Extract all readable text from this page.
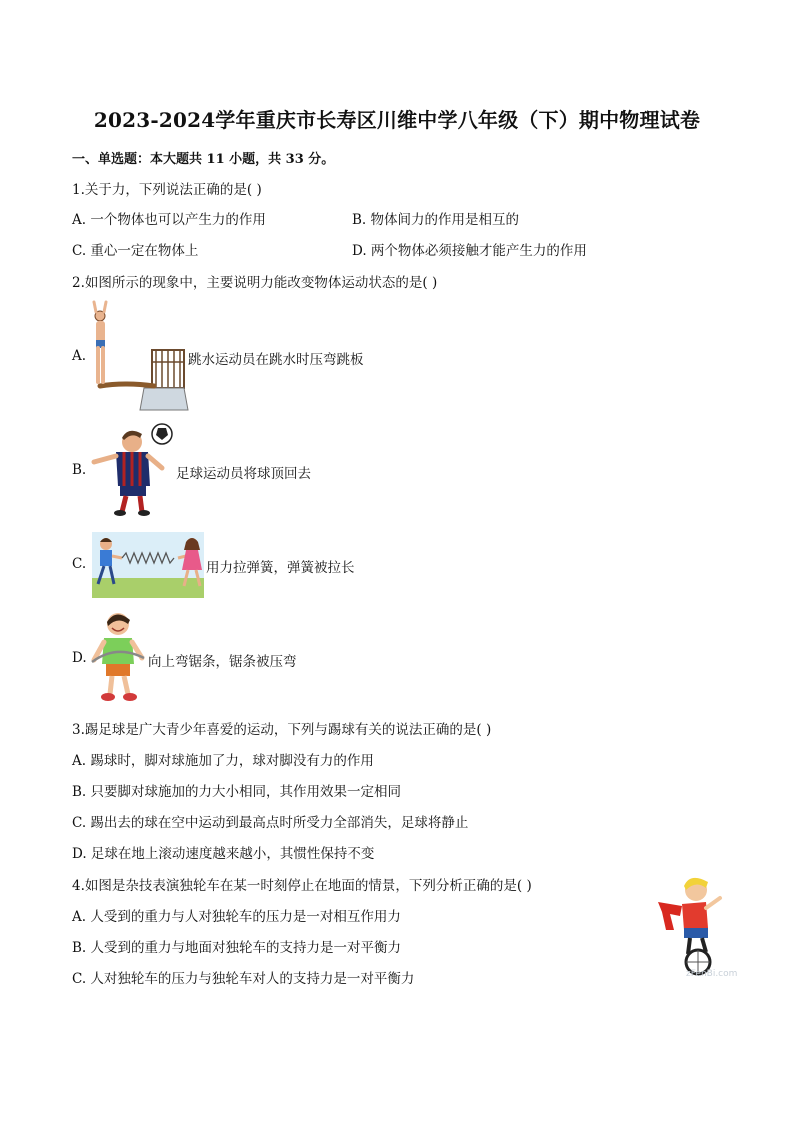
2023-2024学年重庆市长寿区川维中学八年级（下）期中物理试卷
一、单选题：本大题共 11 小题，共 33 分。
1.关于力，下列说法正确的是( )
A. 一个物体也可以产生力的作用	B. 物体间力的作用是相互的
C. 重心一定在物体上	D. 两个物体必须接触才能产生力的作用
2.如图所示的现象中，主要说明力能改变物体运动状态的是( )
A.	跳水运动员在跳水时压弯跳板
B.	足球运动员将球顶回去
C.	用力拉弹簧，弹簧被拉长
D.	向上弯锯条，锯条被压弯
3.踢足球是广大青少年喜爱的运动，下列与踢球有关的说法正确的是( )
A. 踢球时，脚对球施加了力，球对脚没有力的作用
B. 只要脚对球施加的力大小相同，其作用效果一定相同
C. 踢出去的球在空中运动到最高点时所受力全部消失，足球将静止
D. 足球在地上滚动速度越来越小，其惯性保持不变
4.如图是杂技表演独轮车在某一时刻停止在地面的情景，下列分析正确的是( )
A. 人受到的重力与人对独轮车的压力是一对相互作用力
B. 人受到的重力与地面对独轮车的支持力是一对平衡力
C. 人对独轮车的压力与独轮车对人的支持力是一对平衡力	zFenBi.com
